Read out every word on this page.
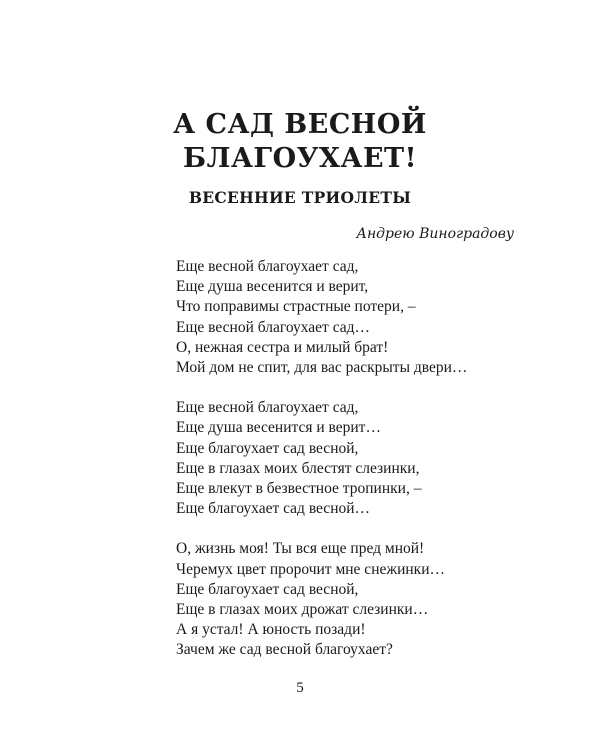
А САД ВЕСНОЙ
БЛАГОУХАЕТ!
ВЕСЕННИЕ ТРИОЛЕТЫ
Андрею Виноградову
Еще весной благоухает сад,
Еще душа весенится и верит,
Что поправимы страстные потери, –
Еще весной благоухает сад…
О, нежная сестра и милый брат!
Мой дом не спит, для вас раскрыты двери…
Еще весной благоухает сад,
Еще душа весенится и верит…
Еще благоухает сад весной,
Еще в глазах моих блестят слезинки,
Еще влекут в безвестное тропинки, –
Еще благоухает сад весной…
О, жизнь моя! Ты вся еще пред мной!
Черемух цвет пророчит мне снежинки…
Еще благоухает сад весной,
Еще в глазах моих дрожат слезинки…
А я устал! А юность позади!
Зачем же сад весной благоухает?
5
